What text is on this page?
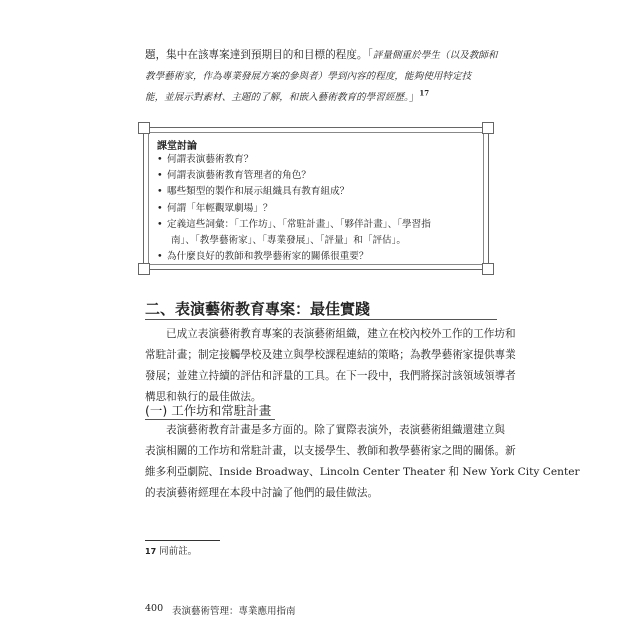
題，集中在該專案達到預期目的和目標的程度。「評量側重於學生（以及教師和
教學藝術家，作為專業發展方案的參與者）學到內容的程度，能夠使用特定技
能，並展示對素材、主題的了解，和嵌入藝術教育的學習經歷。」$^{17}$

課堂討論
• 何謂表演藝術教育？
• 何謂表演藝術教育管理者的角色？
• 哪些類型的製作和展示組織具有教育組成？
• 何謂「年輕觀眾劇場」？
• 定義這些詞彙：「工作坊」、「常駐計畫」、「夥伴計畫」、「學習指
南」、「教學藝術家」、「專業發展」、「評量」和「評估」。
• 為什麼良好的教師和教學藝術家的關係很重要？
二、表演藝術教育專案：最佳實踐

已成立表演藝術教育專案的表演藝術組織，建立在校內校外工作的工作坊和
常駐計畫；制定接觸學校及建立與學校課程連結的策略；為教學藝術家提供專業
發展；並建立持續的評估和評量的工具。在下一段中，我們將探討該領域領導者
構思和執行的最佳做法。

(一) 工作坊和常駐計畫

表演藝術教育計畫是多方面的。除了實際表演外，表演藝術組織還建立與
表演相關的工作坊和常駐計畫，以支援學生、教師和教學藝術家之間的關係。新
維多利亞劇院、Inside Broadway、Lincoln Center Theater 和 New York City Center
的表演藝術經理在本段中討論了他們的最佳做法。

17 同前註。
400 表演藝術管理：專業應用指南
